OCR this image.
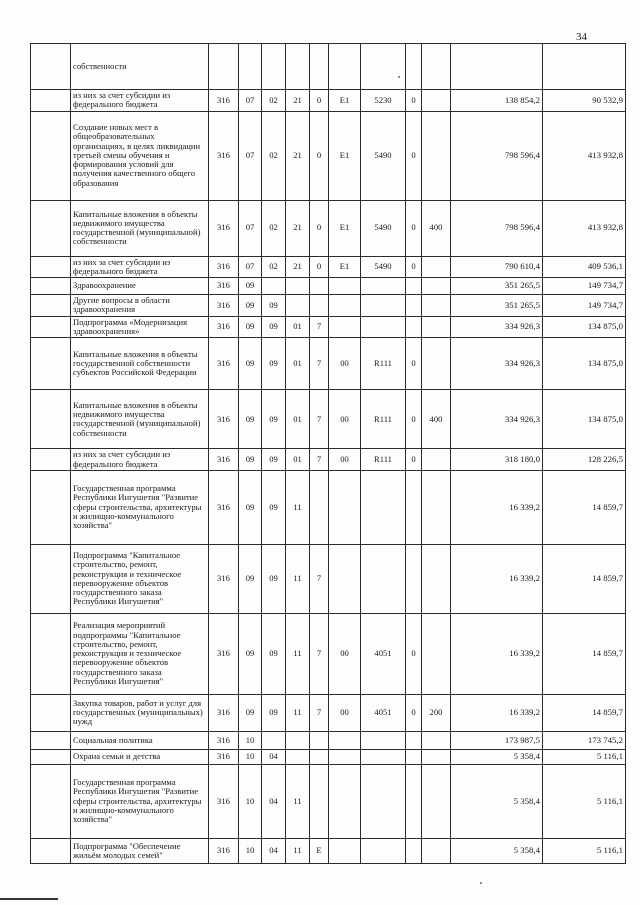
34
	собственности											
	из них за счет субсидии из федерального бюджета	316	07	02	21	0	E1	5230	0		138 854,2	90 532,9
	Создание новых мест в общеобразовательных организациях, в целях ликвидации третьей смены обучения и формирования условий для получения качественного общего образования	316	07	02	21	0	E1	5490	0		798 596,4	413 932,8
	Капитальные вложения в объекты недвижимого имущества государственной (муниципальной) собственности	316	07	02	21	0	E1	5490	0	400	798 596,4	413 932,8
	из них за счет субсидии из федерального бюджета	316	07	02	21	0	E1	5490	0		790 610,4	409 536,1
	Здравоохранение	316	09								351 265,5	149 734,7
	Другие вопросы в области здравоохранения	316	09	09							351 265,5	149 734,7
	Подпрограмма «Модернизация здравоохранения»	316	09	09	01	7					334 926,3	134 875,0
	Капитальные вложения в объекты государственной собственности субъектов Российской Федерации	316	09	09	01	7	00	R111	0		334 926,3	134 875,0
	Капитальные вложения в объекты недвижимого имущества государственной (муниципальной) собственности	316	09	09	01	7	00	R111	0	400	334 926,3	134 875,0
	из них за счет субсидии из федерального бюджета	316	09	09	01	7	00	R111	0		318 180,0	128 226,5
	Государственная программа Республики Ингушетия "Развитие сферы строительства, архитектуры и жилищно-коммунального хозяйства"	316	09	09	11						16 339,2	14 859,7
	Подпрограмма "Капитальное строительство, ремонт, реконструкция и техническое перевооружение объектов государственного заказа Республики Ингушетия"	316	09	09	11	7					16 339,2	14 859,7
	Реализация мероприятий подпрограммы "Капитальное строительство, ремонт, реконструкция и техническое перевооружение объектов государственного заказа Республики Ингушетия"	316	09	09	11	7	00	4051	0		16 339,2	14 859,7
	Закупка товаров, работ и услуг для государственных (муниципальных) нужд	316	09	09	11	7	00	4051	0	200	16 339,2	14 859,7
	Социальная политика	316	10								173 987,5	173 745,2
	Охрана семьи и детства	316	10	04							5 358,4	5 116,1
	Государственная программа Республики Ингушетия "Развитие сферы строительства, архитектуры и жилищно-коммунального хозяйства"	316	10	04	11						5 358,4	5 116,1
	Подпрограмма "Обеспечение жильём молодых семей"	316	10	04	11	E					5 358,4	5 116,1
